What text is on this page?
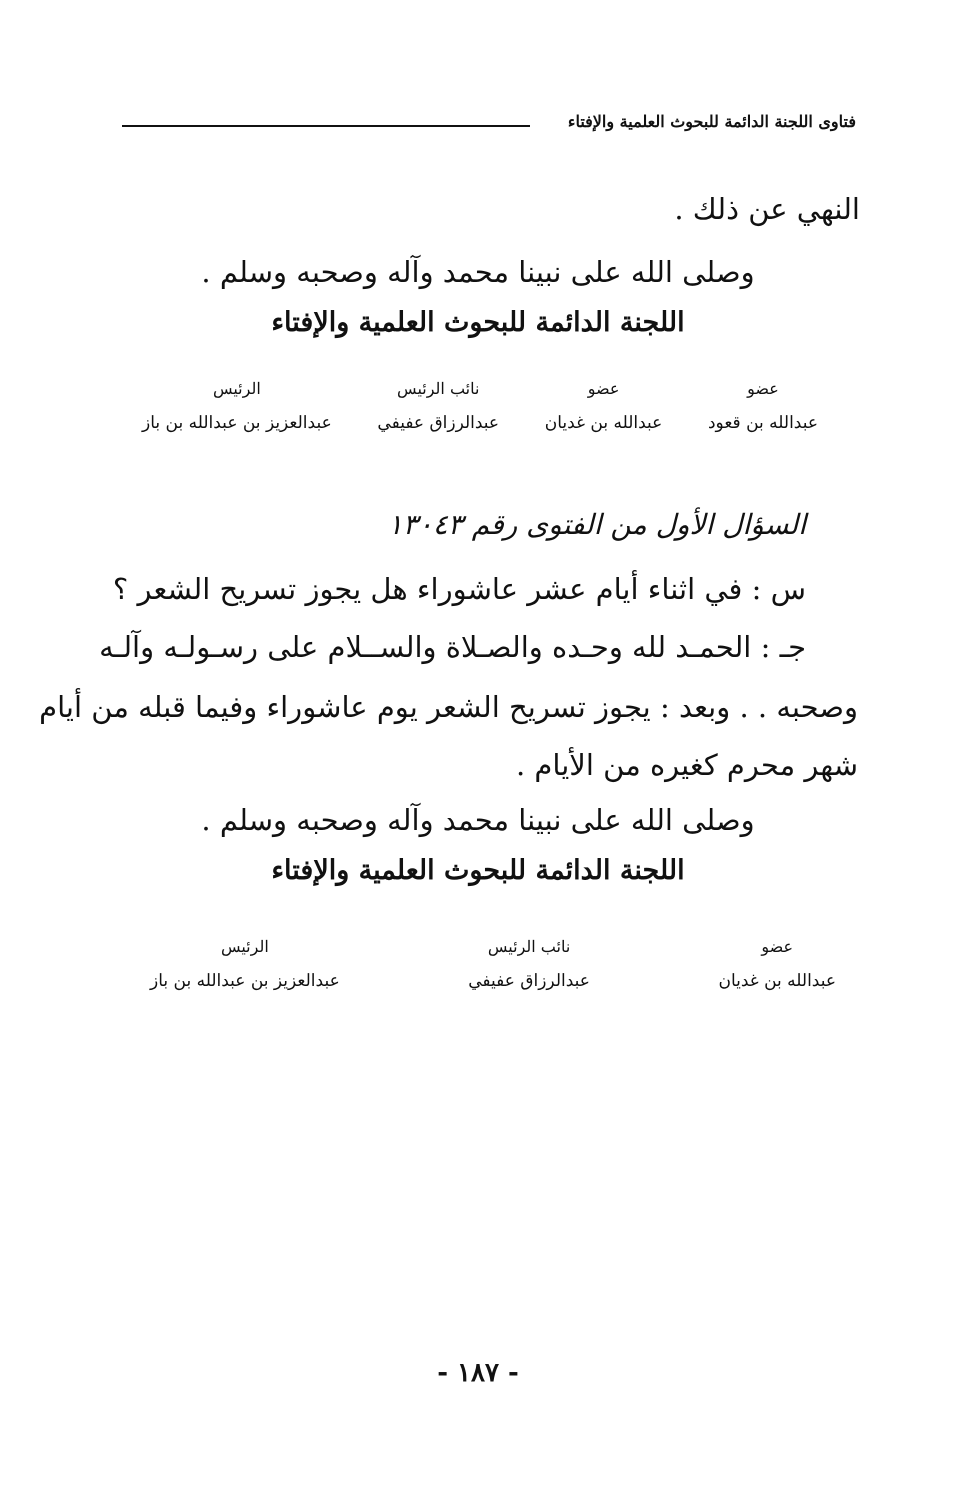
فتاوى اللجنة الدائمة للبحوث العلمية والإفتاء
النهي عن ذلك .
وصلى الله على نبينا محمد وآله وصحبه وسلم .
اللجنة الدائمة للبحوث العلمية والإفتاء
عضو
عبدالله بن قعود
عضو
عبدالله بن غديان
نائب الرئيس
عبدالرزاق عفيفي
الرئيس
عبدالعزيز بن عبدالله بن باز
السؤال الأول من الفتوى رقم ١٣٠٤٣
س : في اثناء أيام عشر عاشوراء هل يجوز تسريح الشعر ؟
جـ : الحمـد لله وحـده والصـلاة والســلام على رسـولـه وآلـه
وصحبه . . وبعد : يجوز تسريح الشعر يوم عاشوراء وفيما قبله من أيام
شهر محرم كغيره من الأيام .
وصلى الله على نبينا محمد وآله وصحبه وسلم .
اللجنة الدائمة للبحوث العلمية والإفتاء
عضو
عبدالله بن غديان
نائب الرئيس
عبدالرزاق عفيفي
الرئيس
عبدالعزيز بن عبدالله بن باز
- ١٨٧ -
